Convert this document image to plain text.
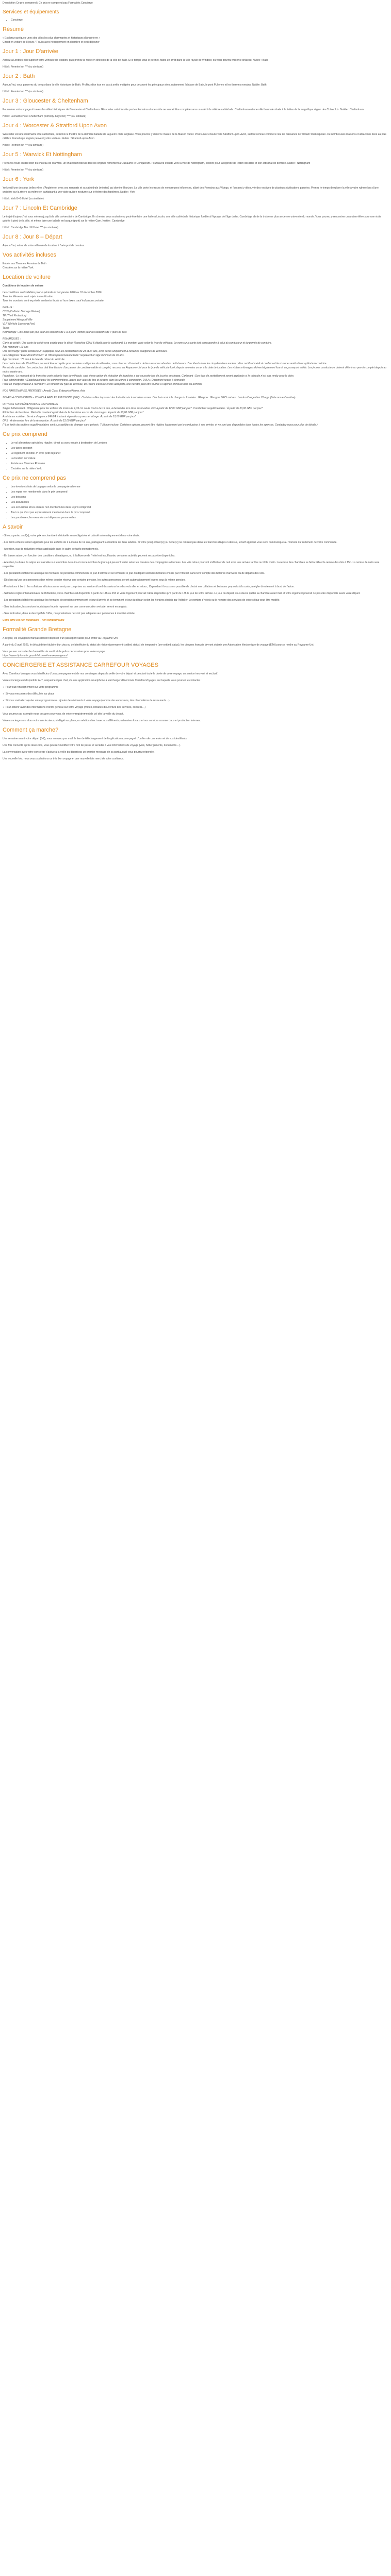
Description Ce prix comprend / Ce prix ne comprend pas Formalités Concierge

Services et équipements
• Concierge
Résumé

« Explorez quelques-unes des villes les plus charmantes et historiques d'Angleterre »
Circuit en voiture de 8 jours / 7 nuits avec hébergement en chambre et petit-déjeuner

Jour 1 : Jour D'arrivée

Arrivez à Londres et récupérez votre véhicule de location, puis prenez la route en direction de la ville de Bath. Si le temps vous le permet, faites un arrêt dans la ville royale de Windsor, où vous pourrez visiter le château. Nuitée : Bath

Hôtel : Premier Inn *** (ou similaire)

Jour 2 : Bath

Aujourd'hui, vous passerez du temps dans la ville historique de Bath. Profitez d'un tour en bus à arrêts multiples pour découvrir les principaux sites, notamment l'abbaye de Bath, le pont Pulteney et les thermes romains. Nuitée: Bath

Hôtel : Premier Inn *** (ou similaire)

Jour 3 : Gloucester & Cheltenham

Poursuivez votre voyage à travers les villes historiques de Gloucester et Cheltenham. Gloucester a été fondée par les Romains et une visite ne saurait être complète sans un arrêt à la célèbre cathédrale. Cheltenham est une ville thermale située à la lisière de la magnifique région des Cotswolds. Nuitée : Cheltenham

Hôtel : Leonardo Hotel Cheltenham (formerly Jurys Inn) **** (ou similaire)

Jour 4 : Worcester & Stratford Upon Avon

Worcester est une charmante ville cathédrale, autrefois le théâtre de la dernière bataille de la guerre civile anglaise. Vous pourrez y visiter le musée de la Maison Tudor. Poursuivez ensuite vers Stratford-upon-Avon, surtout connue comme le lieu de naissance de William Shakespeare. De nombreuses maisons et attractions liées au plus célèbre dramaturge anglais peuvent y être visitées. Nuitée : Stratford-upon-Avon

Hôtel : Premier Inn *** (ou similaire)

Jour 5 : Warwick Et Nottingham

Prenez la route en direction du château de Warwick, un château médiéval dont les origines remontent à Guillaume le Conquérant. Poursuivez ensuite vers la ville de Nottingham, célèbre pour la légende de Robin des Bois et son artisanat de dentelle. Nuitée : Nottingham

Hôtel : Premier Inn *** (ou similaire)

Jour 6 : York

York est l'une des plus belles villes d'Angleterre, avec ses remparts et sa cathédrale (minster) qui domine l'horizon. La ville porte les traces de nombreuses influences, allant des Romains aux Vikings, et l'on peut y découvrir des vestiges de plusieurs civilisations passées. Prenez le temps d'explorer la ville à votre rythme lors d'une croisière sur la rivière ou même en participant à une visite guidée nocturne sur le thème des fantômes. Nuitée : York

Hôtel : York B+B Hotel (ou similaire)

Jour 7 : Lincoln Et Cambridge

Le trajet d'aujourd'hui vous mènera jusqu'à la ville universitaire de Cambridge. En chemin, vous souhaiterez peut-être faire une halte à Lincoln, une ville cathédrale historique fondée à l'époque de l'âge du fer. Cambridge abrite la troisième plus ancienne université du monde. Vous pourrez y rencontrer un ancien élève pour une visite guidée à pied de la ville, et même faire une balade en barque (punt) sur la rivière Cam. Nuitée : Cambridge

Hôtel : Cambridge Bar Hill Hotel *** (ou similaire)

Jour 8 : Jour 8 – Départ

Aujourd'hui, retour de votre véhicule de location à l'aéroport de Londres.

Vos activités incluses

Entrée aux Thermes Romains de Bath
Croisière sur la rivière York

Location de voiture

Conditions de location de voiture

Les conditions sont valables pour la période du 1er janvier 2026 au 31 décembre 2026.
Tous les éléments sont sujets à modification.
Tous les montants sont exprimés en devise locale et hors taxes, sauf indication contraire.

INCLUS :
CDW (Collision Damage Waiver)
TP (Theft Protection)
Supplément Aéroport/Ville
VLF (Vehicle Licensing Fee)
Taxes
Kilométrage : 250 miles par jour pour les locations de 1 à 3 jours (illimité pour les locations de 4 jours ou plus

REMARQUES :
Carte de crédit : Une carte de crédit sera exigée pour le dépôt (franchise CDW & dépôt pour le carburant). Le montant varie selon le type de véhicule. Le nom sur la carte doit correspondre à celui du conducteur et du permis de conduire.
Âge minimum : 23 ans
Une surcharge "jeune conducteur" s'applique pour les conducteurs de 23 et 24 ans, avec accès uniquement à certaines catégories de véhicules.
Les catégories "Executive/Premium" et "Monospaces/Grande taille" requièrent un âge minimum de 30 ans.
Âge maximum : 75 ans à la date de retour du véhicule.
Les conducteurs de 75 à 80 ans peuvent être acceptés pour certaines catégories de véhicules, sous réserve : d'une lettre de leur assureur attestant de l'absence d'accidents dans les cinq dernières années ; d'un certificat médical confirmant leur bonne santé et leur aptitude à conduire.
Permis de conduire : Le conducteur doit être titulaire d'un permis de conduire valide et complet, reconnu au Royaume-Uni pour le type de véhicule loué, depuis au moins un an à la date de location. Les visiteurs étrangers doivent également fournir un passeport valide. Les jeunes conducteurs doivent détenir un permis complet depuis au moins quatre ans.
Franchise : Le montant de la franchise varie selon le type de véhicule, sauf si une option de réduction de franchise a été souscrite lors de la prise en charge. Carburant : Des frais de ravitaillement seront appliqués si le véhicule n'est pas rendu avec le plein.
Frais administratifs : S'appliquent pour les contraventions, accès aux voies de bus et péages dans les zones à congestion. DVLA : Document requis à demande.
Prise en charge et retour à l'aéroport : En fonction du type de véhicule, de l'heure d'arrivée et des aéroports, une navette peut être fournie à l'agence et trouve hors du terminal.

NOS PARTENAIRES PRÉFÉRÉS : Arnold Clark, Enterprise/Alamo, Avis

ZONES À CONGESTION – ZONES À FAIBLES ÉMISSIONS (LEZ) : Certaines villes imposent des frais d'accès à certaines zones. Ces frais sont à la charge du locataire : Glasgow : Glasgow LEZ Londres : London Congestion Charge (Liste non exhaustive)

OPTIONS SUPPLÉMENTAIRES DISPONIBLES
Sièges bébé/enfant : Obligatoire pour les enfants de moins de 1,35 cm ou de moins de 12 ans, à demander lors de la réservation. Prix à partir de 12,00 GBP par jour*. Conducteur supplémentaire : À partir de 20,00 GBP par jour*
Réduction de franchise : Réduit le montant applicable de la franchise en cas de dommages. À partir de 20,00 GBP par jour*
Assistance routière : Service d'urgence 24h/24, incluant réparations pneus et vitrage. À partir de 12,00 GBP par jour*
GPS : À demander lors de la réservation. À partir de 12,00 GBP par jour*
(* Les tarifs des options supplémentaires sont susceptibles de changer sans préavis. TVA non incluse. Certaines options peuvent être réglées localement par le conducteur à son arrivée, et ne sont pas disponibles dans toutes les agences. Contactez-nous pour plus de détails.)

Ce prix comprend
• Le vol aller/retour spécial ou régulier, direct ou avec escale à destination de Londres
• Les taxes aéroport
• Le logement en hôtel 3* avec petit déjeuner
• La location de voiture
• Entrée aux Thermes Romains
• Croisière sur la rivière York
Ce prix ne comprend pas
• Les éventuels frais de bagages selon la compagnie aérienne
• Les repas non mentionnés dans le prix comprend
• Les boissons
• Les assurances
• Les excursions et les entrées non mentionnées dans le prix comprend
• Tout ce qui n'est pas expressément mentionné dans le prix comprend
• Les pourboires, les excursions et dépenses personnelles
A savoir

- Si vous partez seul(e), votre prix en chambre individuelle sera obligatoire et calculé automatiquement dans votre devis.

- Les tarifs enfants seront appliqués pour les enfants de 2 à moins de 12 ans, partageant la chambre de deux adultes. Si votre (vos) enfant(s) (ou bébé(s)) ne rentrent pas dans les tranches d'âges ci-dessus, le tarif appliqué vous sera communiqué au moment du traitement de votre commande.

- Attention, pas de réduction enfant applicable dans le cadre de tarifs promotionnels.

- En basse saison, en fonction des conditions climatiques, ou à l'affluence de l'hôtel est insuffisante, certaines activités peuvent ne pas être disponibles.

- Attention, la durée du séjour est calculée sur le nombre de nuits et non le nombre de jours qui peuvent varier selon les horaires des compagnies aériennes. Les vols retour pourront s'effectuer de nuit avec une arrivée tardive ou tôt le matin. La remise des chambres se fait à 12h et la remise des clés à 15h. La remise de nuits sera respectée.

- Les prestations hôtelières ainsi que les formules de pensions commencent le jour d'arrivée et se terminent le jour du départ selon les horaires choisis par l'hôtelier, sans tenir compte des horaires d'arrivées ou de départs des vols.

- Dès lors qu'une des personnes d'un même dossier réserve une certaine pension, les autres personnes seront automatiquement logées sous la même pension.

- Prestations à bord : les collations et boissons ne sont pas comprises au service à bord des avions lors des vols aller et retour ; Cependant il vous sera possible de choisir vos collations et boissons proposés à la carte, à régler directement à bord de l'avion.

- Selon les règles internationales de l'hôtellerie, votre chambre est disponible à partir de 14h ou 15h et votre logement pourrait n'être disponible qu'à partir de 17h le jour de votre arrivée. Le jour du départ, vous devez quitter la chambre avant midi et votre logement pourrait ne pas être disponible avant votre départ.

- Les prestations hôtelières ainsi que les formules de pension commencent le jour d'arrivée et se terminent le jour du départ selon les horaires choisis par l'hôtelier. Le nombre d'hôtels ou le nombre des services de votre séjour peut être modifié.

- Seul indication, les services touristiques fournis reposent sur une communication verbale, seront en anglais.

- Seul indication, dans le descriptif de l'offre, nos prestations ne sont pas adaptées aux personnes à mobilité réduite.

Cette offre est non modifiable – non remboursable

Formalité Grande Bretagne

A ce jour, les voyageurs français doivent disposer d'un passeport valide pour entrer au Royaume-Uni.

A partir du 2 avril 2025, le défaut d'être titulaire d'un visa ou de bénéficier du statut de résident permanent (settled status) de temporaire (pre-settled status), les citoyens français devront obtenir une Autorisation électronique de voyage (ETA) pour se rendre au Royaume-Uni.

Vous pouvez consulter les formalités de santé et de police nécessaires pour votre voyage :
https://www.diplomatie.gouv.fr/fr/conseils-aux-voyageurs/

CONCIERGERIE ET ASSISTANCE CARREFOUR VOYAGES

Avec Carrefour Voyages vous bénéficiez d'un accompagnement de nos concierges depuis la veille de votre départ et pendant toute la durée de votre voyage, un service innovant et exclusif.

Votre concierge est disponible 24/7, uniquement par chat, via une application smartphone à télécharger dénommée CarrefourVoyages, sur laquelle vous pourrez le contacter :

✓ Pour tout renseignement sur votre programme

✓ Si vous rencontrez des difficultés sur place

✓ Si vous souhaitez ajouter votre programme ou ajouter des éléments à votre voyage (comme des excursions, des réservations de restaurants…)

✓ Pour obtenir avoir des informations d'ordre général sur votre voyage (météo, horaires d'ouverture des services, conseils…)

Vous pourrez par exemple nous occuper pour vous, de votre enregistrement de vol dès la veille du départ.

Votre concierge sera alors votre interlocuteur privilégié sur place, en relation direct avec nos différents partenaires locaux et nos services commerciaux et production internes.

Comment ça marche?

Une semaine avant votre départ (J-7), vous recevrez par mail, le lien de téléchargement de l'application accompagné d'un lien de connexion et de vos identifiants.

Une fois connecté après deux clics, vous pourrez modifier votre mot de passe et accéder à vos informations de voyage (vols, hébergements, documents…).

La conversation avec votre concierge s'activera la veille du départ par un premier message de sa part auquel vous pourrez répondre.

Une nouvelle fois, nous vous souhaitons un très bon voyage et une nouvelle fois merci de votre confiance.
